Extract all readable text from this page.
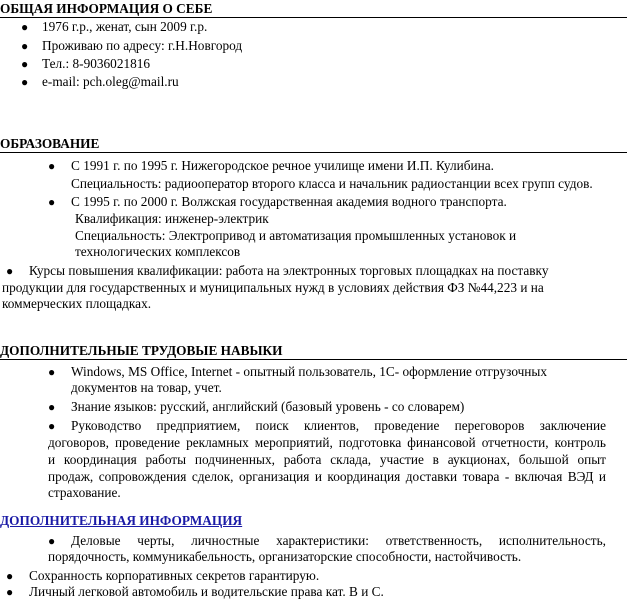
ОБЩАЯ ИНФОРМАЦИЯ О СЕБЕ
● 1976 г.р., женат, сын 2009 г.р.
● Проживаю по адресу: г.Н.Новгород
● Тел.: 8-9036021816
● e-mail: pch.oleg@mail.ru
ОБРАЗОВАНИЕ
● С 1991 г. по 1995 г. Нижегородское речное училище имени И.П. Кулибина.
Специальность: радиооператор второго класса и начальник радиостанции всех групп судов.
● С 1995 г. по 2000 г. Волжская государственная академия водного транспорта.
Квалификация: инженер-электрик
Специальность: Электропривод и автоматизация промышленных установок и
технологических комплексов
● Курсы повышения квалификации: работа на электронных торговых площадках на поставку
продукции для государственных и муниципальных нужд в условиях действия ФЗ №44,223 и на
коммерческих площадках.
ДОПОЛНИТЕЛЬНЫЕ ТРУДОВЫЕ НАВЫКИ
● Windows, MS Office, Internet - опытный пользователь, 1С- оформление отгрузочных
документов на товар, учет.
● Знание языков: русский, английский (базовый уровень - со словарем)
● Руководство предприятием, поиск клиентов, проведение переговоров заключение
договоров, проведение рекламных мероприятий, подготовка финансовой отчетности, контроль
и координация работы подчиненных, работа склада, участие в аукционах, большой опыт
продаж, сопровождения сделок, организация и координация доставки товара - включая ВЭД и
страхование.
ДОПОЛНИТЕЛЬНАЯ ИНФОРМАЦИЯ
● Деловые черты, личностные характеристики: ответственность, исполнительность,
порядочность, коммуникабельность, организаторские способности, настойчивость.
● Сохранность корпоративных секретов гарантирую.
● Личный легковой автомобиль и водительские права кат. В и С.
